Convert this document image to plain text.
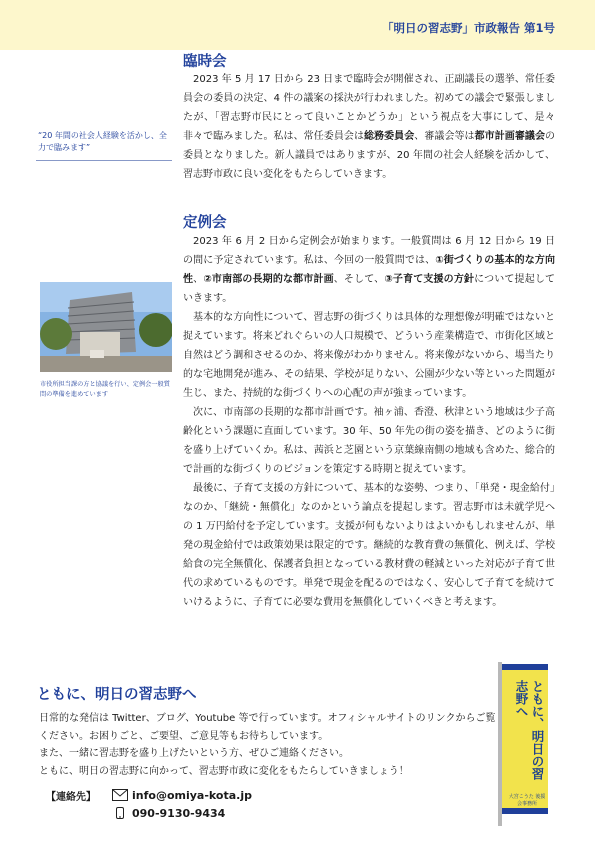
「明日の習志野」市政報告 第1号
“20 年間の社会人経験を活かし、全力で臨みます”
市役所担当課の方と協議を行い、定例会一般質問の準備を進めています
臨時会

2023 年 5 月 17 日から 23 日まで臨時会が開催され、正副議長の選挙、常任委員会の委員の決定、4 件の議案の採決が行われました。初めての議会で緊張しましたが、「習志野市民にとって良いことかどうか」という視点を大事にして、是々非々で臨みました。私は、常任委員会は総務委員会、審議会等は都市計画審議会の委員となりました。新人議員ではありますが、20 年間の社会人経験を活かして、習志野市政に良い変化をもたらしていきます。

定例会

2023 年 6 月 2 日から定例会が始まります。一般質問は 6 月 12 日から 19 日の間に予定されています。私は、今回の一般質問では、①街づくりの基本的な方向性、②市南部の長期的な都市計画、そして、③子育て支援の方針について提起していきます。

基本的な方向性について、習志野の街づくりは具体的な理想像が明確ではないと捉えています。将来どれぐらいの人口規模で、どういう産業構造で、市街化区域と自然はどう調和させるのか、将来像がわかりません。将来像がないから、場当たり的な宅地開発が進み、その結果、学校が足りない、公園が少ない等といった問題が生じ、また、持続的な街づくりへの心配の声が強まっています。

次に、市南部の長期的な都市計画です。袖ヶ浦、香澄、秋津という地域は少子高齢化という課題に直面しています。30 年、50 年先の街の姿を描き、どのように街を盛り上げていくか。私は、茜浜と芝園という京葉線南側の地域も含めた、総合的で計画的な街づくりのビジョンを策定する時期と捉えています。

最後に、子育て支援の方針について、基本的な姿勢、つまり、「単発・現金給付」なのか、「継続・無償化」なのかという論点を提起します。習志野市は未就学児への 1 万円給付を予定しています。支援が何もないよりはよいかもしれませんが、単発の現金給付では政策効果は限定的です。継続的な教育費の無償化、例えば、学校給食の完全無償化、保護者負担となっている教材費の軽減といった対応が子育て世代の求めているものです。単発で現金を配るのではなく、安心して子育てを続けていけるように、子育てに必要な費用を無償化していくべきと考えます。

ともに、明日の習志野へ

日常的な発信は Twitter、ブログ、Youtube 等で行っています。オフィシャルサイトのリンクからご覧ください。お困りごと、ご要望、ご意見等もお待ちしています。

また、一緒に習志野を盛り上げたいという方、ぜひご連絡ください。

ともに、明日の習志野に向かって、習志野市政に変化をもたらしていきましょう！

【連絡先】	info@omiya-kota.jp
090-9130-9434
ともに、明日の習志野へ
大宮こうた 後援会事務所
